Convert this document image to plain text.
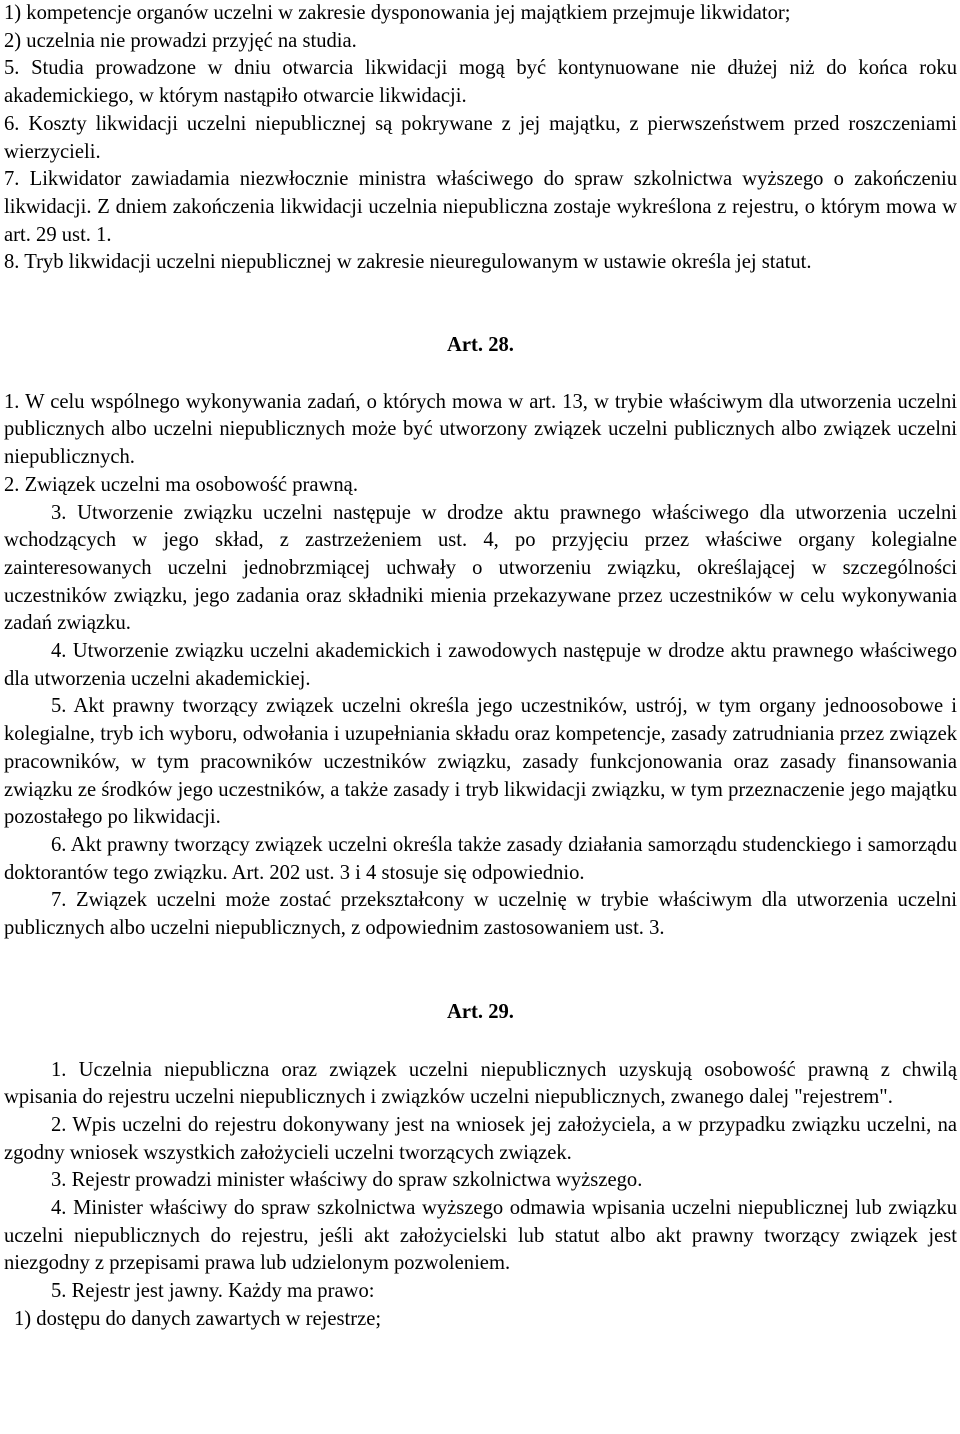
1) kompetencje organów uczelni w zakresie dysponowania jej majątkiem przejmuje likwidator;

2) uczelnia nie prowadzi przyjęć na studia.

5. Studia prowadzone w dniu otwarcia likwidacji mogą być kontynuowane nie dłużej niż do końca roku akademickiego, w którym nastąpiło otwarcie likwidacji.

6. Koszty likwidacji uczelni niepublicznej są pokrywane z jej majątku, z pierwszeństwem przed roszczeniami wierzycieli.

7. Likwidator zawiadamia niezwłocznie ministra właściwego do spraw szkolnictwa wyższego o zakończeniu likwidacji. Z dniem zakończenia likwidacji uczelnia niepubliczna zostaje wykreślona z rejestru, o którym mowa w art. 29 ust. 1.

8. Tryb likwidacji uczelni niepublicznej w zakresie nieuregulowanym w ustawie określa jej statut.

Art. 28.

1. W celu wspólnego wykonywania zadań, o których mowa w art. 13, w trybie właściwym dla utworzenia uczelni publicznych albo uczelni niepublicznych może być utworzony związek uczelni publicznych albo związek uczelni niepublicznych.

2. Związek uczelni ma osobowość prawną.

3. Utworzenie związku uczelni następuje w drodze aktu prawnego właściwego dla utworzenia uczelni wchodzących w jego skład, z zastrzeżeniem ust. 4, po przyjęciu przez właściwe organy kolegialne zainteresowanych uczelni jednobrzmiącej uchwały o utworzeniu związku, określającej w szczególności uczestników związku, jego zadania oraz składniki mienia przekazywane przez uczestników w celu wykonywania zadań związku.

4. Utworzenie związku uczelni akademickich i zawodowych następuje w drodze aktu prawnego właściwego dla utworzenia uczelni akademickiej.

5. Akt prawny tworzący związek uczelni określa jego uczestników, ustrój, w tym organy jednoosobowe i kolegialne, tryb ich wyboru, odwołania i uzupełniania składu oraz kompetencje, zasady zatrudniania przez związek pracowników, w tym pracowników uczestników związku, zasady funkcjonowania oraz zasady finansowania związku ze środków jego uczestników, a także zasady i tryb likwidacji związku, w tym przeznaczenie jego majątku pozostałego po likwidacji.

6. Akt prawny tworzący związek uczelni określa także zasady działania samorządu studenckiego i samorządu doktorantów tego związku. Art. 202 ust. 3 i 4 stosuje się odpowiednio.

7. Związek uczelni może zostać przekształcony w uczelnię w trybie właściwym dla utworzenia uczelni publicznych albo uczelni niepublicznych, z odpowiednim zastosowaniem ust. 3.

Art. 29.

1. Uczelnia niepubliczna oraz związek uczelni niepublicznych uzyskują osobowość prawną z chwilą wpisania do rejestru uczelni niepublicznych i związków uczelni niepublicznych, zwanego dalej "rejestrem".

2. Wpis uczelni do rejestru dokonywany jest na wniosek jej założyciela, a w przypadku związku uczelni, na zgodny wniosek wszystkich założycieli uczelni tworzących związek.

3. Rejestr prowadzi minister właściwy do spraw szkolnictwa wyższego.

4. Minister właściwy do spraw szkolnictwa wyższego odmawia wpisania uczelni niepublicznej lub związku uczelni niepublicznych do rejestru, jeśli akt założycielski lub statut albo akt prawny tworzący związek jest niezgodny z przepisami prawa lub udzielonym pozwoleniem.

5. Rejestr jest jawny. Każdy ma prawo:

1) dostępu do danych zawartych w rejestrze;
